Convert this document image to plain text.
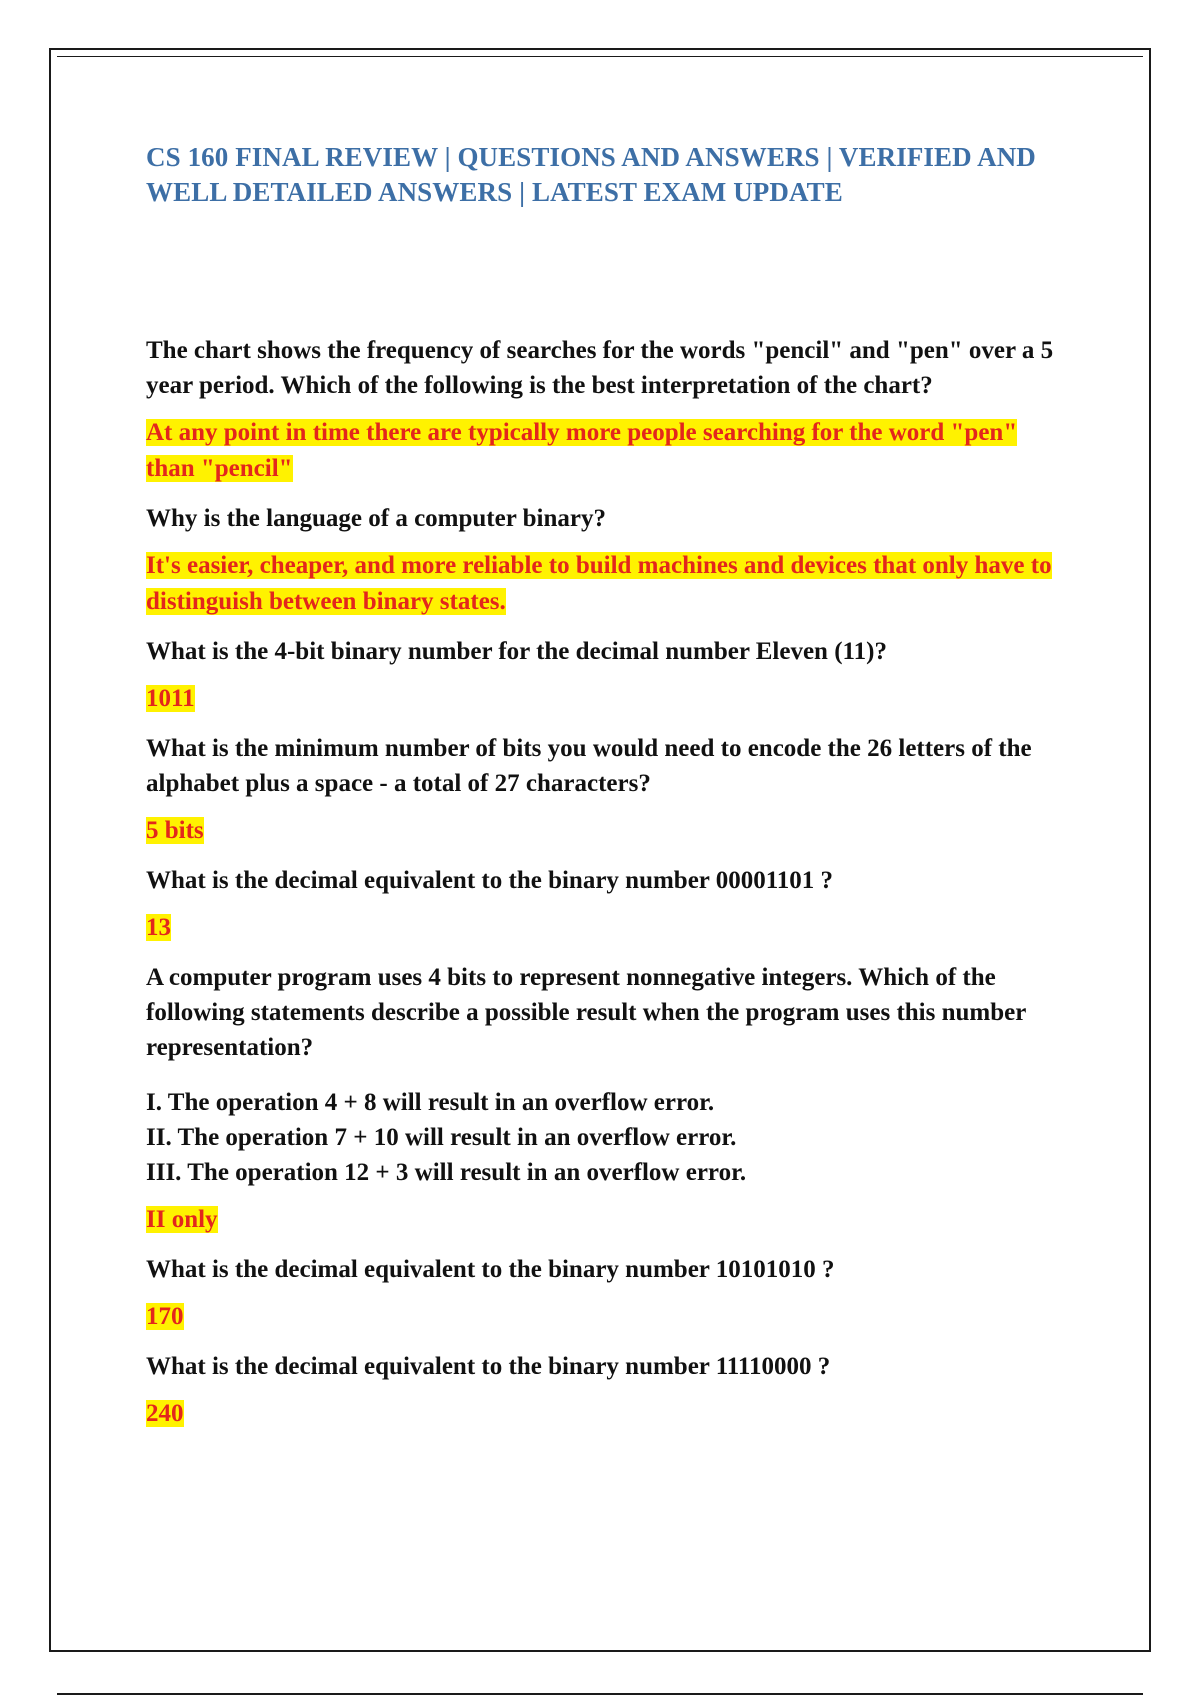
CS 160 FINAL REVIEW | QUESTIONS AND ANSWERS | VERIFIED AND WELL DETAILED ANSWERS | LATEST EXAM UPDATE

The chart shows the frequency of searches for the words "pencil" and "pen" over a 5 year period. Which of the following is the best interpretation of the chart?

At any point in time there are typically more people searching for the word "pen" than "pencil"

Why is the language of a computer binary?

It's easier, cheaper, and more reliable to build machines and devices that only have to distinguish between binary states.

What is the 4-bit binary number for the decimal number Eleven (11)?

1011

What is the minimum number of bits you would need to encode the 26 letters of the alphabet plus a space - a total of 27 characters?

5 bits

What is the decimal equivalent to the binary number 00001101 ?

13

A computer program uses 4 bits to represent nonnegative integers. Which of the following statements describe a possible result when the program uses this number representation?

I. The operation 4 + 8 will result in an overflow error.
II. The operation 7 + 10 will result in an overflow error.
III. The operation 12 + 3 will result in an overflow error.

II only

What is the decimal equivalent to the binary number 10101010 ?

170

What is the decimal equivalent to the binary number 11110000 ?

240
